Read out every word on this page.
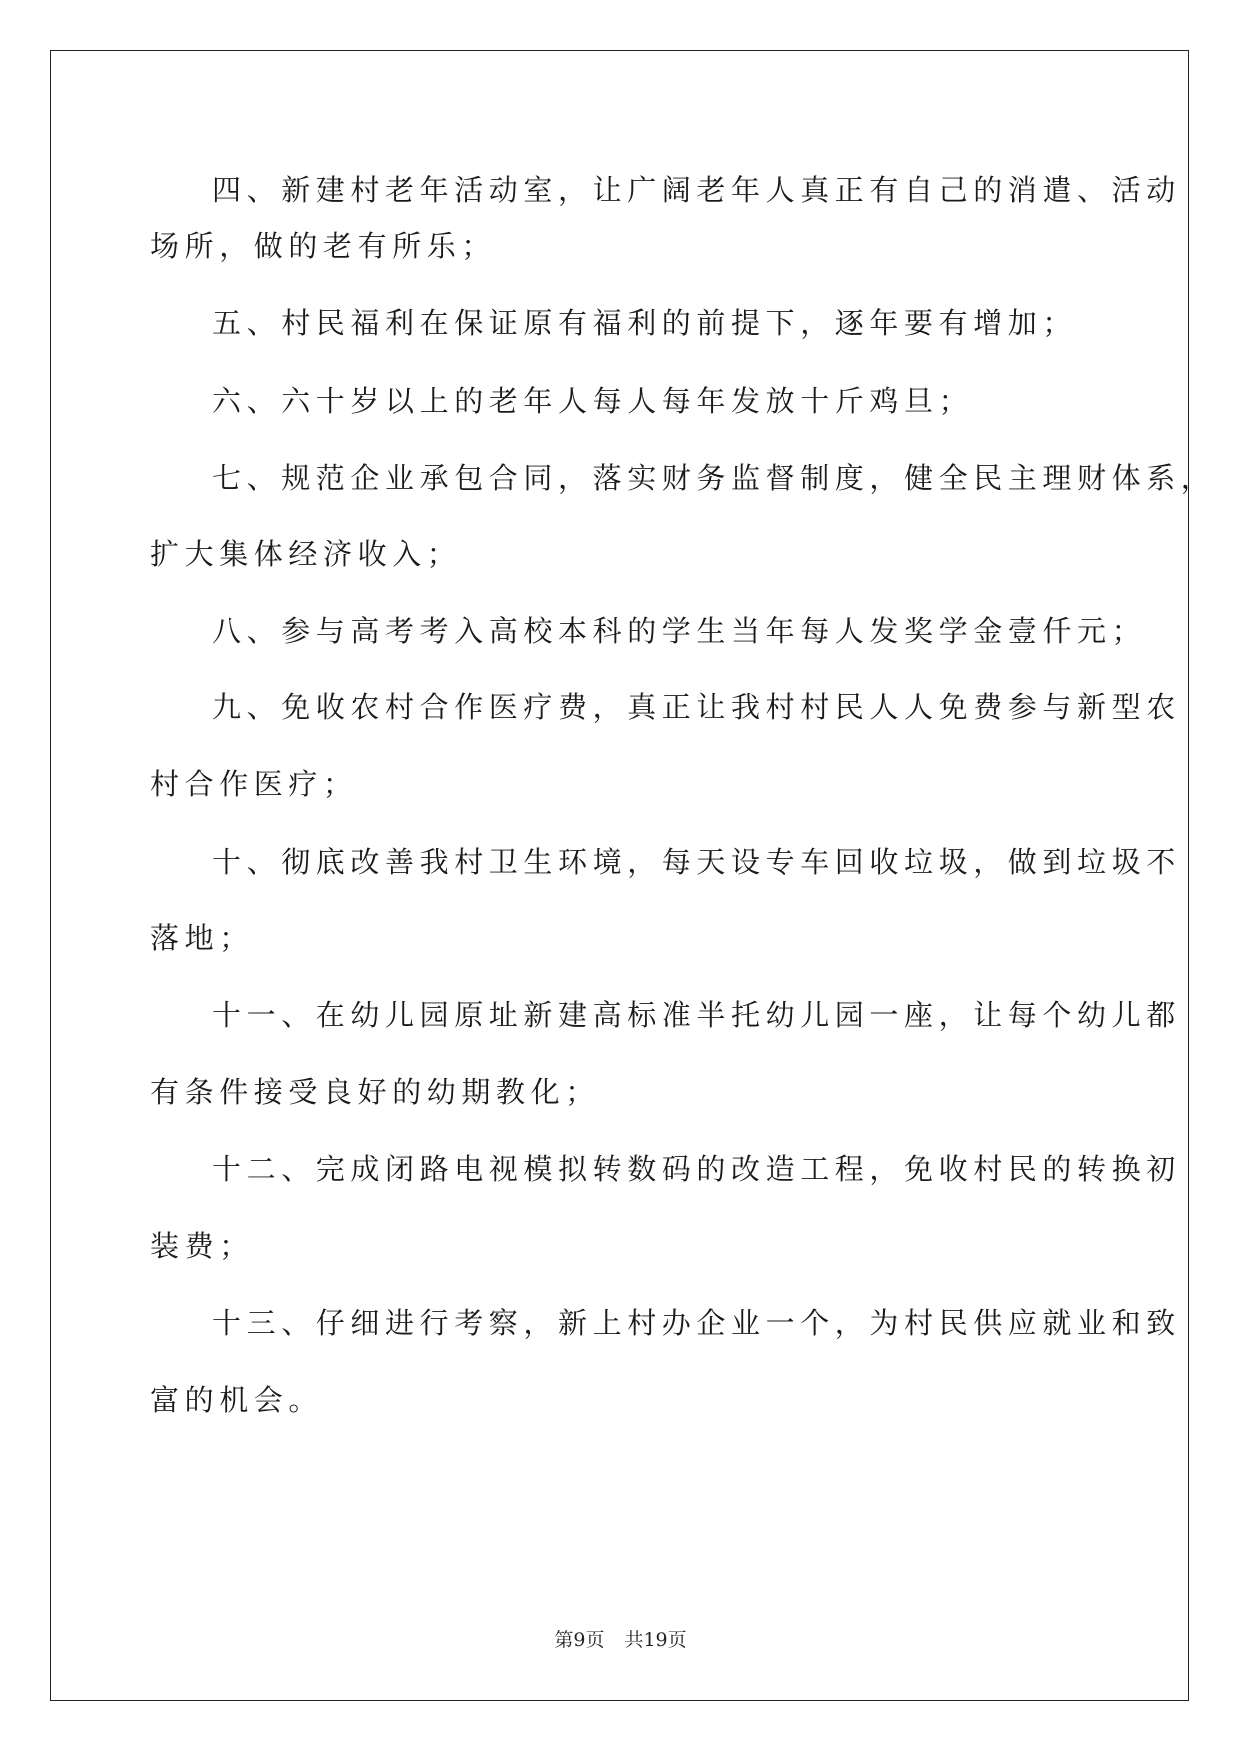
四、新建村老年活动室，让广阔老年人真正有自己的消遣、活动
场所，做的老有所乐；
五、村民福利在保证原有福利的前提下，逐年要有增加；
六、六十岁以上的老年人每人每年发放十斤鸡旦；
七、规范企业承包合同，落实财务监督制度，健全民主理财体系，
扩大集体经济收入；
八、参与高考考入高校本科的学生当年每人发奖学金壹仟元；
九、免收农村合作医疗费，真正让我村村民人人免费参与新型农
村合作医疗；
十、彻底改善我村卫生环境，每天设专车回收垃圾，做到垃圾不
落地；
十一、在幼儿园原址新建高标准半托幼儿园一座，让每个幼儿都
有条件接受良好的幼期教化；
十二、完成闭路电视模拟转数码的改造工程，免收村民的转换初
装费；
十三、仔细进行考察，新上村办企业一个，为村民供应就业和致
富的机会。
第9页 共19页
